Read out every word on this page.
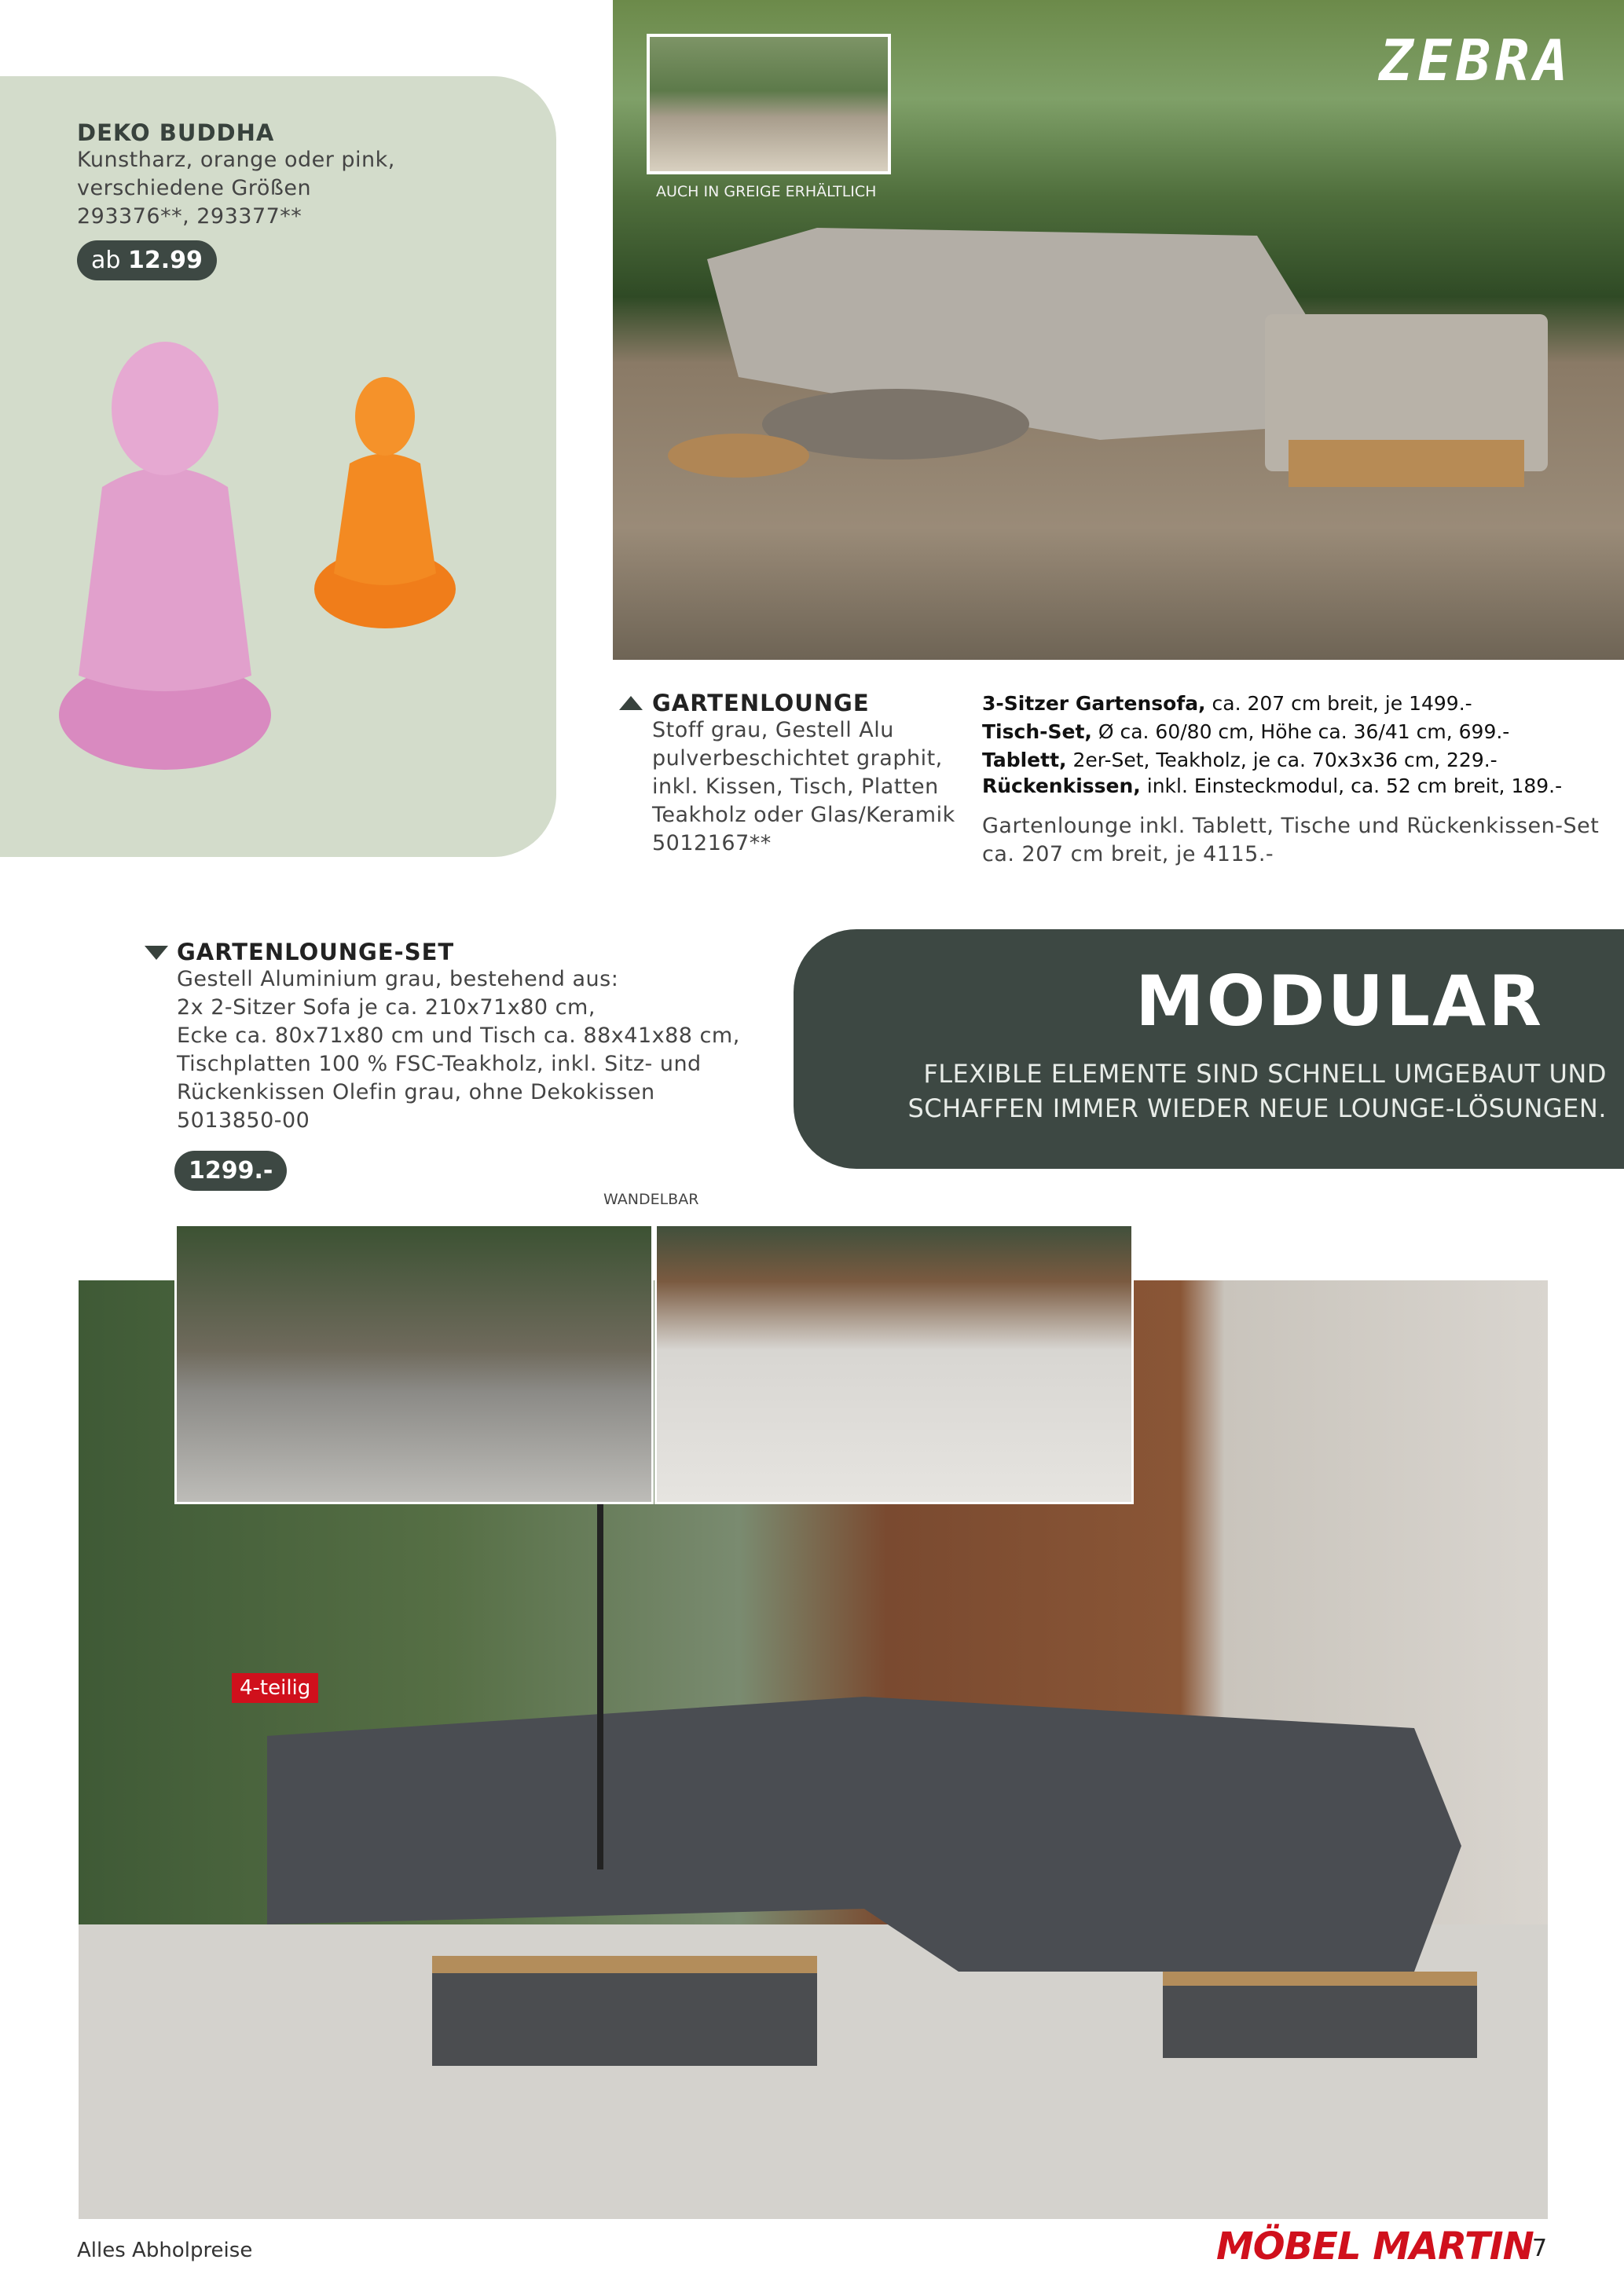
DEKO BUDDHA
Kunstharz, orange oder pink,
verschiedene Größen
293376**, 293377**
ab 12.99
AUCH IN GREIGE ERHÄLTLICH
ZEBRA
GARTENLOUNGE
Stoff grau, Gestell Alu
pulverbeschichtet graphit,
inkl. Kissen, Tisch, Platten
Teakholz oder Glas/Keramik
5012167**
3-Sitzer Gartensofa, ca. 207 cm breit, je 1499.-
Tisch-Set, Ø ca. 60/80 cm, Höhe ca. 36/41 cm, 699.-
Tablett, 2er-Set, Teakholz, je ca. 70x3x36 cm, 229.-
Rückenkissen, inkl. Einsteckmodul, ca. 52 cm breit, 189.-
Gartenlounge inkl. Tablett, Tische und Rückenkissen-Set
ca. 207 cm breit, je 4115.-
GARTENLOUNGE-SET
Gestell Aluminium grau, bestehend aus:
2x 2-Sitzer Sofa je ca. 210x71x80 cm,
Ecke ca. 80x71x80 cm und Tisch ca. 88x41x88 cm,
Tischplatten 100 % FSC-Teakholz, inkl. Sitz- und
Rückenkissen Olefin grau, ohne Dekokissen
5013850-00
1299.-
MODULAR
FLEXIBLE ELEMENTE SIND SCHNELL UMGEBAUT UND
SCHAFFEN IMMER WIEDER NEUE LOUNGE-LÖSUNGEN.
WANDELBAR
4-teilig
Alles Abholpreise	MÖBEL MARTIN
7
